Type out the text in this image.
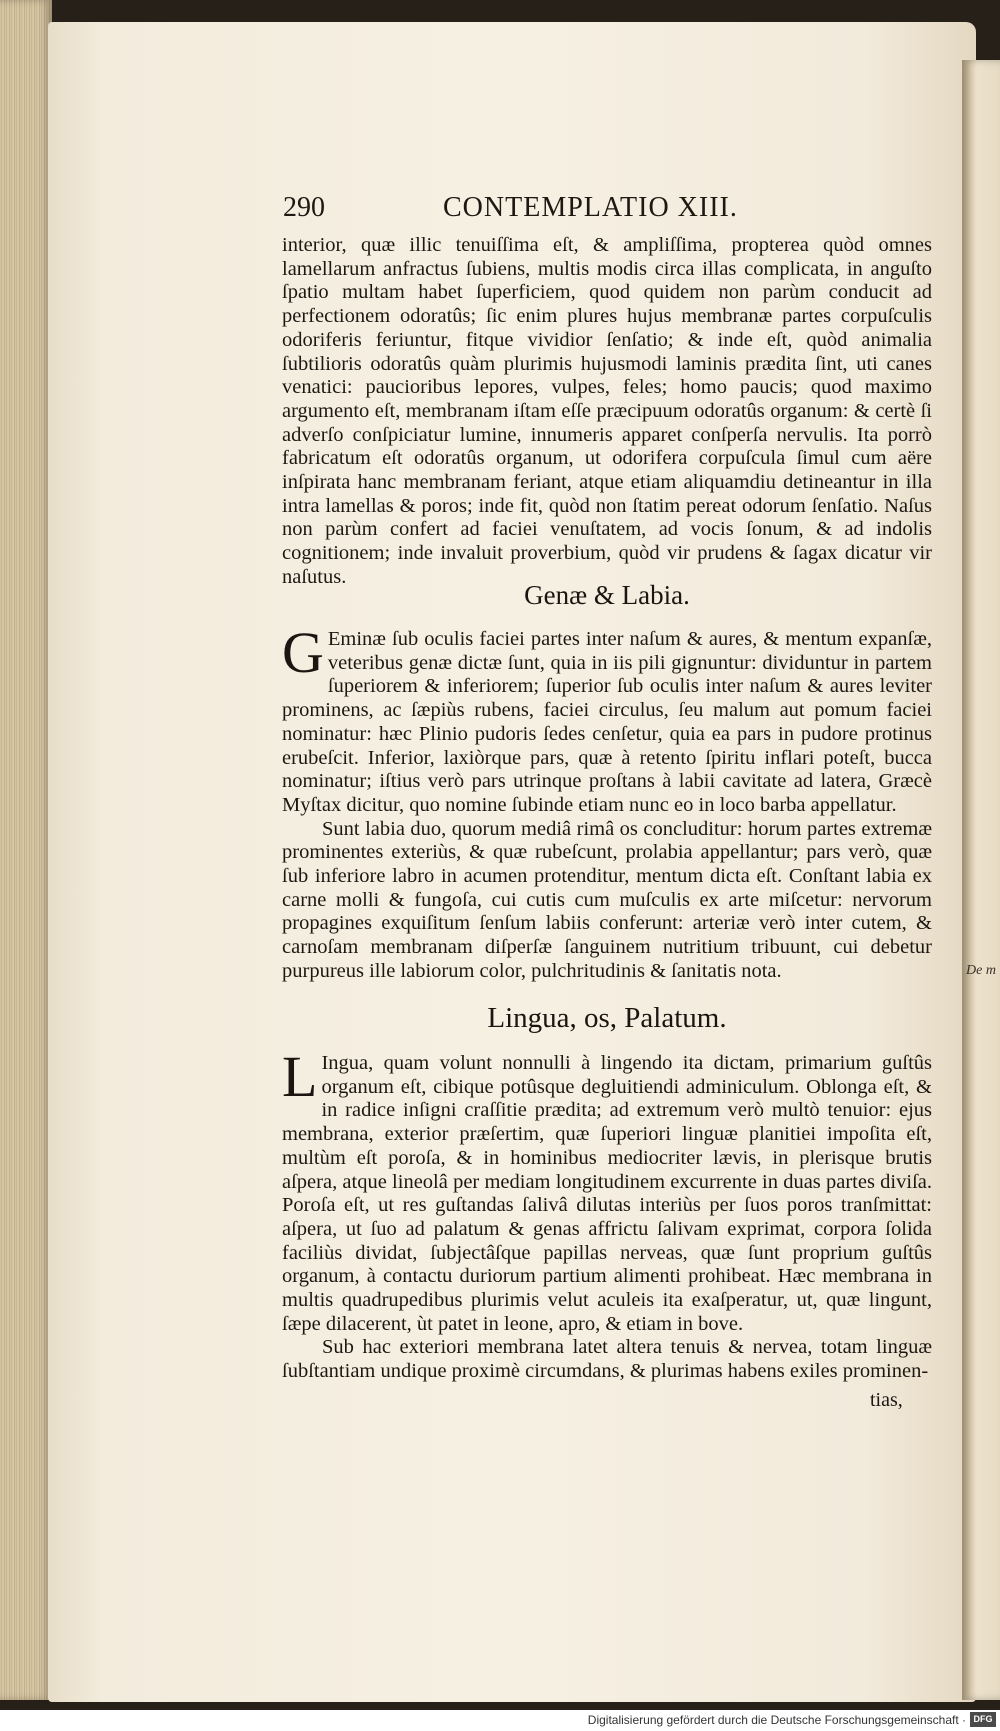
De m
290	CONTEMPLATIO XIII.

interior, quæ illic tenuiſſima eſt, & ampliſſima, propterea quòd omnes lamellarum anfractus ſubiens, multis modis circa illas complicata, in anguſto ſpatio multam habet ſuperficiem, quod quidem non parùm conducit ad perfectionem odoratûs; ſic enim plures hujus membranæ partes corpuſculis odoriferis feriuntur, fitque vividior ſenſatio; & inde eſt, quòd animalia ſubtilioris odoratûs quàm plurimis hujusmodi laminis prædita ſint, uti canes venatici: paucioribus lepores, vulpes, feles; homo paucis; quod maximo argumento eſt, membranam iſtam eſſe præcipuum odoratûs organum: & certè ſi adverſo conſpiciatur lumine, innumeris apparet conſperſa nervulis. Ita porrò fabricatum eſt odoratûs organum, ut odorifera corpuſcula ſimul cum aëre inſpirata hanc membranam feriant, atque etiam aliquamdiu detineantur in illa intra lamellas & poros; inde fit, quòd non ſtatim pereat odorum ſenſatio. Naſus non parùm confert ad faciei venuſtatem, ad vocis ſonum, & ad indolis cognitionem; inde invaluit proverbium, quòd vir prudens & ſagax dicatur vir naſutus.

Genæ & Labia.

G Eminæ ſub oculis faciei partes inter naſum & aures, & mentum expanſæ, veteribus genæ dictæ ſunt, quia in iis pili gignuntur: dividuntur in partem ſuperiorem & inferiorem; ſuperior ſub oculis inter naſum & aures leviter prominens, ac ſæpiùs rubens, faciei circulus, ſeu malum aut pomum faciei nominatur: hæc Plinio pudoris ſedes cenſetur, quia ea pars in pudore protinus erubeſcit. Inferior, laxiòrque pars, quæ à retento ſpiritu inflari poteſt, bucca nominatur; iſtius verò pars utrinque proſtans à labii cavitate ad latera, Græcè Myſtax dicitur, quo nomine ſubinde etiam nunc eo in loco barba appellatur.

Sunt labia duo, quorum mediâ rimâ os concluditur: horum partes extremæ prominentes exteriùs, & quæ rubeſcunt, prolabia appellantur; pars verò, quæ ſub inferiore labro in acumen protenditur, mentum dicta eſt. Conſtant labia ex carne molli & fungoſa, cui cutis cum muſculis ex arte miſcetur: nervorum propagines exquiſitum ſenſum labiis conferunt: arteriæ verò inter cutem, & carnoſam membranam diſperſæ ſanguinem nutritium tribuunt, cui debetur purpureus ille labiorum color, pulchritudinis & ſanitatis nota.

Lingua, os, Palatum.

L Ingua, quam volunt nonnulli à lingendo ita dictam, primarium guſtûs organum eſt, cibique potûsque degluitiendi adminiculum. Oblonga eſt, & in radice inſigni craſſitie prædita; ad extremum verò multò tenuior: ejus membrana, exterior præſertim, quæ ſuperiori linguæ planitiei impoſita eſt, multùm eſt poroſa, & in hominibus mediocriter lævis, in plerisque brutis aſpera, atque lineolâ per mediam longitudinem excurrente in duas partes diviſa. Poroſa eſt, ut res guſtandas ſalivâ dilutas interiùs per ſuos poros tranſmittat: aſpera, ut ſuo ad palatum & genas affrictu ſalivam exprimat, corpora ſolida faciliùs dividat, ſubjectâſque papillas nerveas, quæ ſunt proprium guſtûs organum, à contactu duriorum partium alimenti prohibeat. Hæc membrana in multis quadrupedibus plurimis velut aculeis ita exaſperatur, ut, quæ lingunt, ſæpe dilacerent, ùt patet in leone, apro, & etiam in bove.

Sub hac exteriori membrana latet altera tenuis & nervea, totam linguæ ſubſtantiam undique proximè circumdans, & plurimas habens exiles prominen-

tias,
Digitalisierung gefördert durch die Deutsche Forschungsgemeinschaft · DFG
